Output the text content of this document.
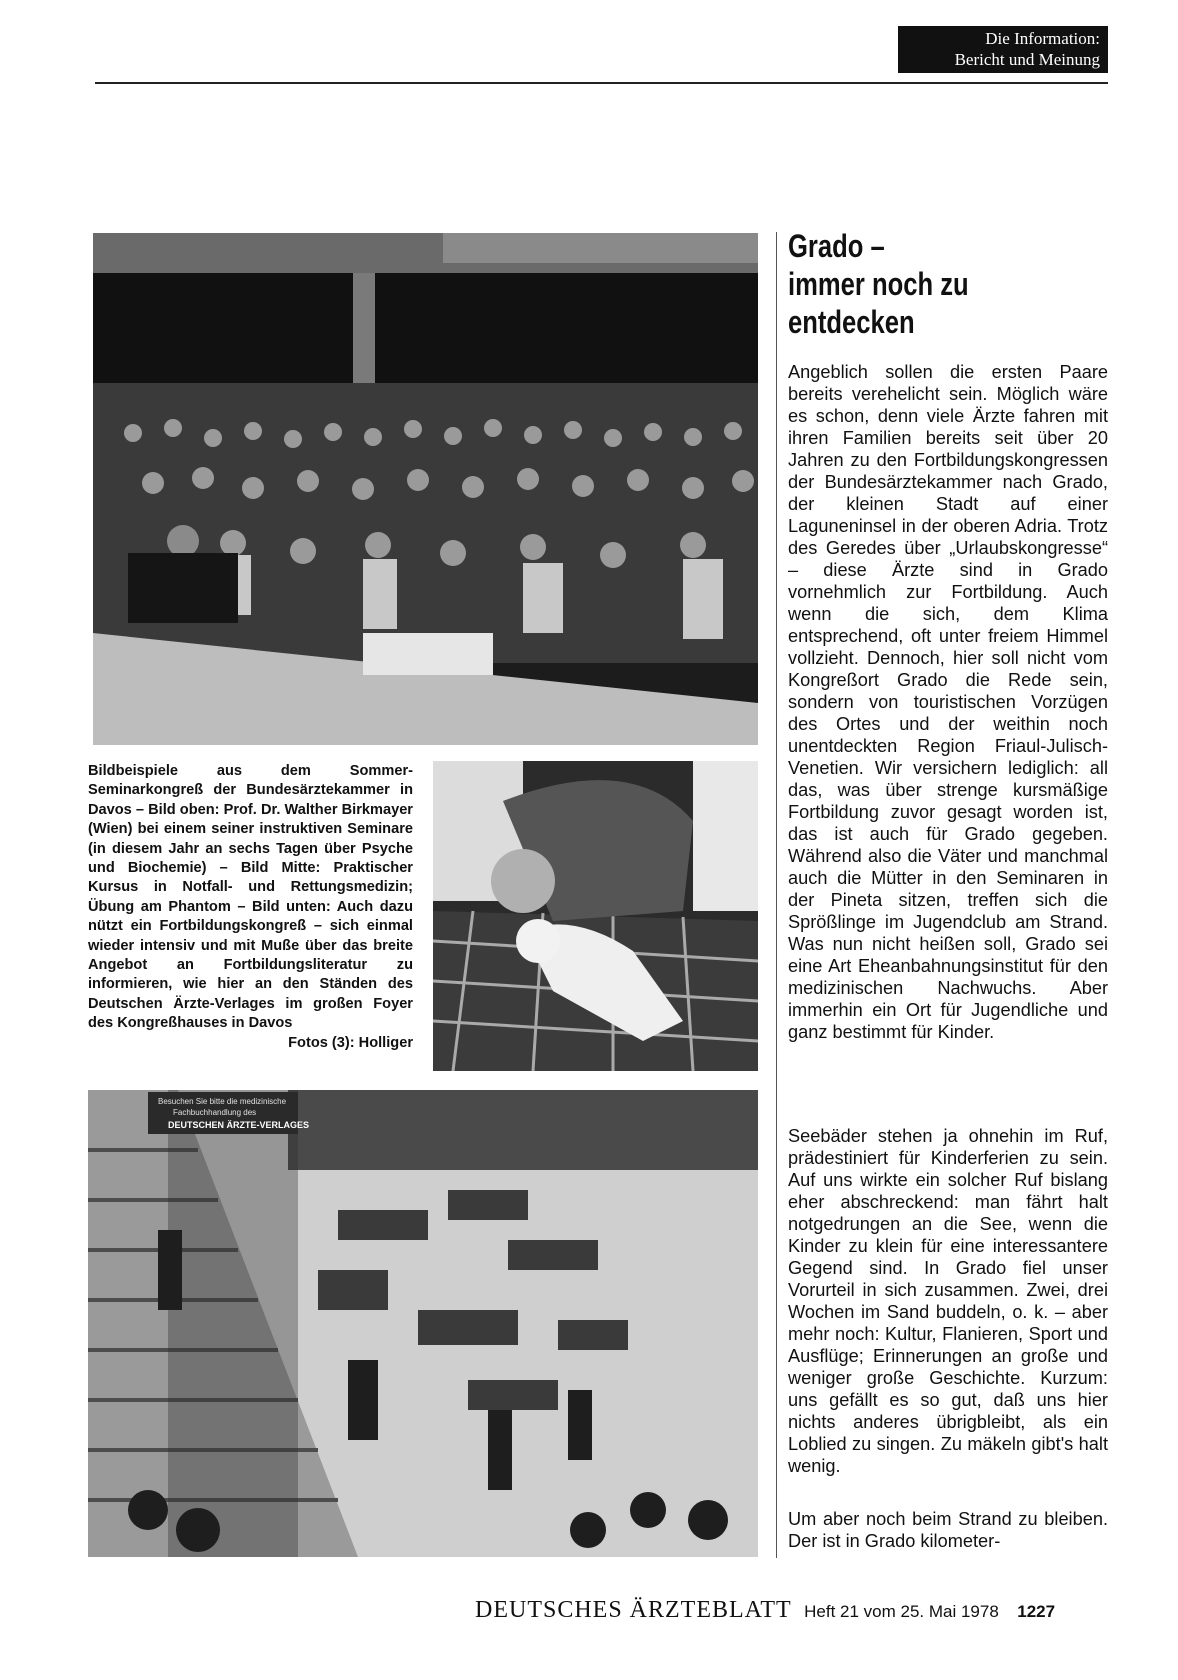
Die Information:
Bericht und Meinung
Bildbeispiele aus dem Sommer-Seminarkongreß der Bundesärztekammer in Davos – Bild oben: Prof. Dr. Walther Birkmayer (Wien) bei einem seiner instruktiven Seminare (in diesem Jahr an sechs Tagen über Psyche und Biochemie) – Bild Mitte: Praktischer Kursus in Notfall- und Rettungsmedizin; Übung am Phantom – Bild unten: Auch dazu nützt ein Fortbildungskongreß – sich einmal wieder intensiv und mit Muße über das breite Angebot an Fortbildungsliteratur zu informieren, wie hier an den Ständen des Deutschen Ärzte-Verlages im großen Foyer des Kongreßhauses in Davos
Fotos (3): Holliger
Besuchen Sie bitte die medizinische
Fachbuchhandlung des
DEUTSCHEN ÄRZTE-VERLAGES
Grado –
immer noch zu
entdecken
Angeblich sollen die ersten Paare bereits verehelicht sein. Möglich wäre es schon, denn viele Ärzte fahren mit ihren Familien bereits seit über 20 Jahren zu den Fortbildungskongressen der Bundesärztekammer nach Grado, der kleinen Stadt auf einer Laguneninsel in der oberen Adria. Trotz des Geredes über „Urlaubskongresse“ – diese Ärzte sind in Grado vornehmlich zur Fortbildung. Auch wenn die sich, dem Klima entsprechend, oft unter freiem Himmel vollzieht. Dennoch, hier soll nicht vom Kongreßort Grado die Rede sein, sondern von touristischen Vorzügen des Ortes und der weithin noch unentdeckten Region Friaul-Julisch-Venetien. Wir versichern lediglich: all das, was über strenge kursmäßige Fortbildung zuvor gesagt worden ist, das ist auch für Grado gegeben. Während also die Väter und manchmal auch die Mütter in den Seminaren in der Pineta sitzen, treffen sich die Sprößlinge im Jugendclub am Strand. Was nun nicht heißen soll, Grado sei eine Art Eheanbahnungsinstitut für den medizinischen Nachwuchs. Aber immerhin ein Ort für Jugendliche und ganz bestimmt für Kinder.
Seebäder stehen ja ohnehin im Ruf, prädestiniert für Kinderferien zu sein. Auf uns wirkte ein solcher Ruf bislang eher abschreckend: man fährt halt notgedrungen an die See, wenn die Kinder zu klein für eine interessantere Gegend sind. In Grado fiel unser Vorurteil in sich zusammen. Zwei, drei Wochen im Sand buddeln, o. k. – aber mehr noch: Kultur, Flanieren, Sport und Ausflüge; Erinnerungen an große und weniger große Geschichte. Kurzum: uns gefällt es so gut, daß uns hier nichts anderes übrigbleibt, als ein Loblied zu singen. Zu mäkeln gibt's halt wenig.
Um aber noch beim Strand zu bleiben. Der ist in Grado kilometer-
DEUTSCHES ÄRZTEBLATT Heft 21 vom 25. Mai 1978 1227
